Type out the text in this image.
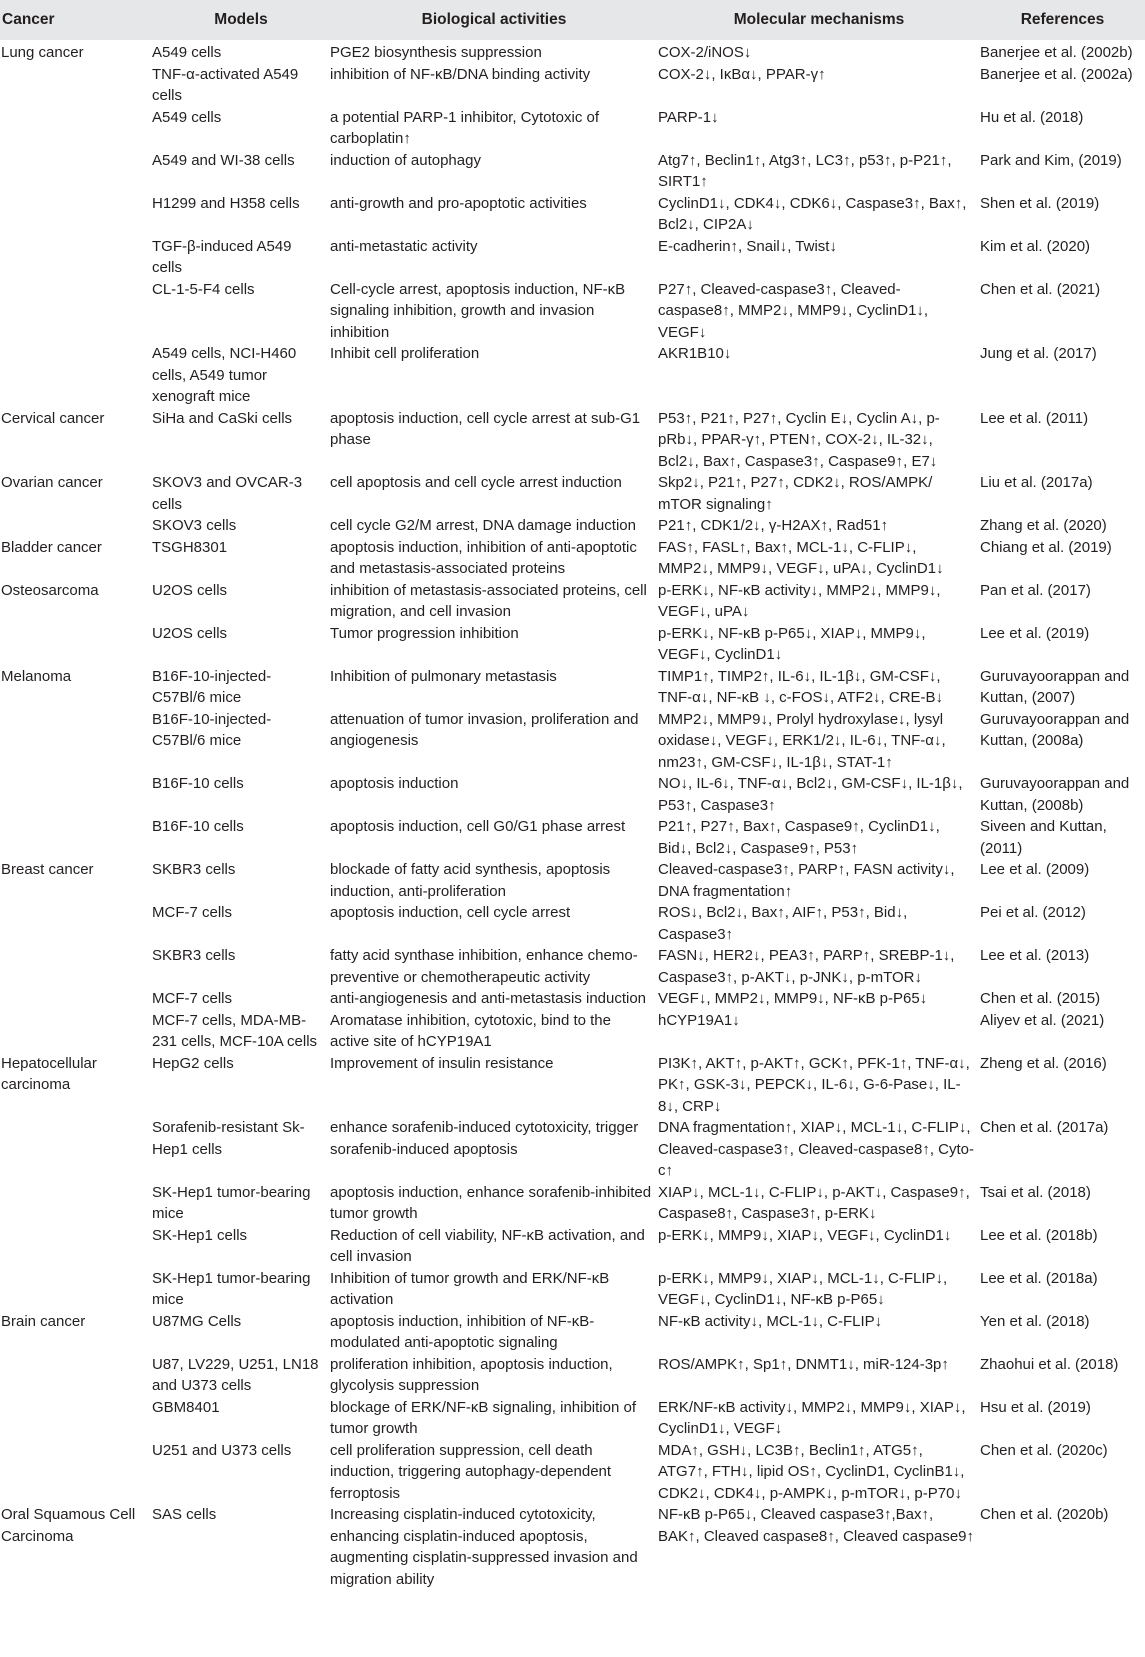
Cancer	Models	Biological activities	Molecular mechanisms	References
Lung cancer	A549 cells	PGE2 biosynthesis suppression	COX-2/iNOS↓	Banerjee et al. (2002b)
	TNF-α-activated A549 cells	inhibition of NF-κB/DNA binding activity	COX-2↓, IκBα↓, PPAR-γ↑	Banerjee et al. (2002a)
	A549 cells	a potential PARP-1 inhibitor, Cytotoxic of carboplatin↑	PARP-1↓	Hu et al. (2018)
	A549 and WI-38 cells	induction of autophagy	Atg7↑, Beclin1↑, Atg3↑, LC3↑, p53↑, p-P21↑, SIRT1↑	Park and Kim, (2019)
	H1299 and H358 cells	anti-growth and pro-apoptotic activities	CyclinD1↓, CDK4↓, CDK6↓, Caspase3↑, Bax↑, Bcl2↓, CIP2A↓	Shen et al. (2019)
	TGF-β-induced A549 cells	anti-metastatic activity	E-cadherin↑, Snail↓, Twist↓	Kim et al. (2020)
	CL-1-5-F4 cells	Cell-cycle arrest, apoptosis induction, NF-κB signaling inhibition, growth and invasion inhibition	P27↑, Cleaved-caspase3↑, Cleaved-caspase8↑, MMP2↓, MMP9↓, CyclinD1↓, VEGF↓	Chen et al. (2021)
	A549 cells, NCI-H460 cells, A549 tumor xenograft mice	Inhibit cell proliferation	AKR1B10↓	Jung et al. (2017)
Cervical cancer	SiHa and CaSki cells	apoptosis induction, cell cycle arrest at sub-G1 phase	P53↑, P21↑, P27↑, Cyclin E↓, Cyclin A↓, p-pRb↓, PPAR-γ↑, PTEN↑, COX-2↓, IL-32↓, Bcl2↓, Bax↑, Caspase3↑, Caspase9↑, E7↓	Lee et al. (2011)
Ovarian cancer	SKOV3 and OVCAR-3 cells	cell apoptosis and cell cycle arrest induction	Skp2↓, P21↑, P27↑, CDK2↓, ROS/AMPK/ mTOR signaling↑	Liu et al. (2017a)
	SKOV3 cells	cell cycle G2/M arrest, DNA damage induction	P21↑, CDK1/2↓, γ-H2AX↑, Rad51↑	Zhang et al. (2020)
Bladder cancer	TSGH8301	apoptosis induction, inhibition of anti-apoptotic and metastasis-associated proteins	FAS↑, FASL↑, Bax↑, MCL-1↓, C-FLIP↓, MMP2↓, MMP9↓, VEGF↓, uPA↓, CyclinD1↓	Chiang et al. (2019)
Osteosarcoma	U2OS cells	inhibition of metastasis-associated proteins, cell migration, and cell invasion	p-ERK↓, NF-κB activity↓, MMP2↓, MMP9↓, VEGF↓, uPA↓	Pan et al. (2017)
	U2OS cells	Tumor progression inhibition	p-ERK↓, NF-κB p-P65↓, XIAP↓, MMP9↓, VEGF↓, CyclinD1↓	Lee et al. (2019)
Melanoma	B16F-10-injected-C57Bl/6 mice	Inhibition of pulmonary metastasis	TIMP1↑, TIMP2↑, IL-6↓, IL-1β↓, GM-CSF↓, TNF-α↓, NF-κB ↓, c-FOS↓, ATF2↓, CRE-B↓	Guruvayoorappan and Kuttan, (2007)
	B16F-10-injected-C57Bl/6 mice	attenuation of tumor invasion, proliferation and angiogenesis	MMP2↓, MMP9↓, Prolyl hydroxylase↓, lysyl oxidase↓, VEGF↓, ERK1/2↓, IL-6↓, TNF-α↓, nm23↑, GM-CSF↓, IL-1β↓, STAT-1↑	Guruvayoorappan and Kuttan, (2008a)
	B16F-10 cells	apoptosis induction	NO↓, IL-6↓, TNF-α↓, Bcl2↓, GM-CSF↓, IL-1β↓, P53↑, Caspase3↑	Guruvayoorappan and Kuttan, (2008b)
	B16F-10 cells	apoptosis induction, cell G0/G1 phase arrest	P21↑, P27↑, Bax↑, Caspase9↑, CyclinD1↓, Bid↓, Bcl2↓, Caspase9↑, P53↑	Siveen and Kuttan, (2011)
Breast cancer	SKBR3 cells	blockade of fatty acid synthesis, apoptosis induction, anti-proliferation	Cleaved-caspase3↑, PARP↑, FASN activity↓, DNA fragmentation↑	Lee et al. (2009)
	MCF-7 cells	apoptosis induction, cell cycle arrest	ROS↓, Bcl2↓, Bax↑, AIF↑, P53↑, Bid↓, Caspase3↑	Pei et al. (2012)
	SKBR3 cells	fatty acid synthase inhibition, enhance chemo-preventive or chemotherapeutic activity	FASN↓, HER2↓, PEA3↑, PARP↑, SREBP-1↓, Caspase3↑, p-AKT↓, p-JNK↓, p-mTOR↓	Lee et al. (2013)
	MCF-7 cells	anti-angiogenesis and anti-metastasis induction	VEGF↓, MMP2↓, MMP9↓, NF-κB p-P65↓	Chen et al. (2015)
	MCF-7 cells, MDA-MB-231 cells, MCF-10A cells	Aromatase inhibition, cytotoxic, bind to the active site of hCYP19A1	hCYP19A1↓	Aliyev et al. (2021)
Hepatocellular carcinoma	HepG2 cells	Improvement of insulin resistance	PI3K↑, AKT↑, p-AKT↑, GCK↑, PFK-1↑, TNF-α↓, PK↑, GSK-3↓, PEPCK↓, IL-6↓, G-6-Pase↓, IL-8↓, CRP↓	Zheng et al. (2016)
	Sorafenib-resistant Sk-Hep1 cells	enhance sorafenib-induced cytotoxicity, trigger sorafenib-induced apoptosis	DNA fragmentation↑, XIAP↓, MCL-1↓, C-FLIP↓, Cleaved-caspase3↑, Cleaved-caspase8↑, Cyto-c↑	Chen et al. (2017a)
	SK-Hep1 tumor-bearing mice	apoptosis induction, enhance sorafenib-inhibited tumor growth	XIAP↓, MCL-1↓, C-FLIP↓, p-AKT↓, Caspase9↑, Caspase8↑, Caspase3↑, p-ERK↓	Tsai et al. (2018)
	SK-Hep1 cells	Reduction of cell viability, NF-κB activation, and cell invasion	p-ERK↓, MMP9↓, XIAP↓, VEGF↓, CyclinD1↓	Lee et al. (2018b)
	SK-Hep1 tumor-bearing mice	Inhibition of tumor growth and ERK/NF-κB activation	p-ERK↓, MMP9↓, XIAP↓, MCL-1↓, C-FLIP↓, VEGF↓, CyclinD1↓, NF-κB p-P65↓	Lee et al. (2018a)
Brain cancer	U87MG Cells	apoptosis induction, inhibition of NF-κB-modulated anti-apoptotic signaling	NF-κB activity↓, MCL-1↓, C-FLIP↓	Yen et al. (2018)
	U87, LV229, U251, LN18 and U373 cells	proliferation inhibition, apoptosis induction, glycolysis suppression	ROS/AMPK↑, Sp1↑, DNMT1↓, miR-124-3p↑	Zhaohui et al. (2018)
	GBM8401	blockage of ERK/NF-κB signaling, inhibition of tumor growth	ERK/NF-κB activity↓, MMP2↓, MMP9↓, XIAP↓, CyclinD1↓, VEGF↓	Hsu et al. (2019)
	U251 and U373 cells	cell proliferation suppression, cell death induction, triggering autophagy-dependent ferroptosis	MDA↑, GSH↓, LC3B↑, Beclin1↑, ATG5↑, ATG7↑, FTH↓, lipid OS↑, CyclinD1, CyclinB1↓, CDK2↓, CDK4↓, p-AMPK↓, p-mTOR↓, p-P70↓	Chen et al. (2020c)
Oral Squamous Cell Carcinoma	SAS cells	Increasing cisplatin-induced cytotoxicity, enhancing cisplatin-induced apoptosis, augmenting cisplatin-suppressed invasion and migration ability	NF-κB p-P65↓, Cleaved caspase3↑,Bax↑, BAK↑, Cleaved caspase8↑, Cleaved caspase9↑	Chen et al. (2020b)
